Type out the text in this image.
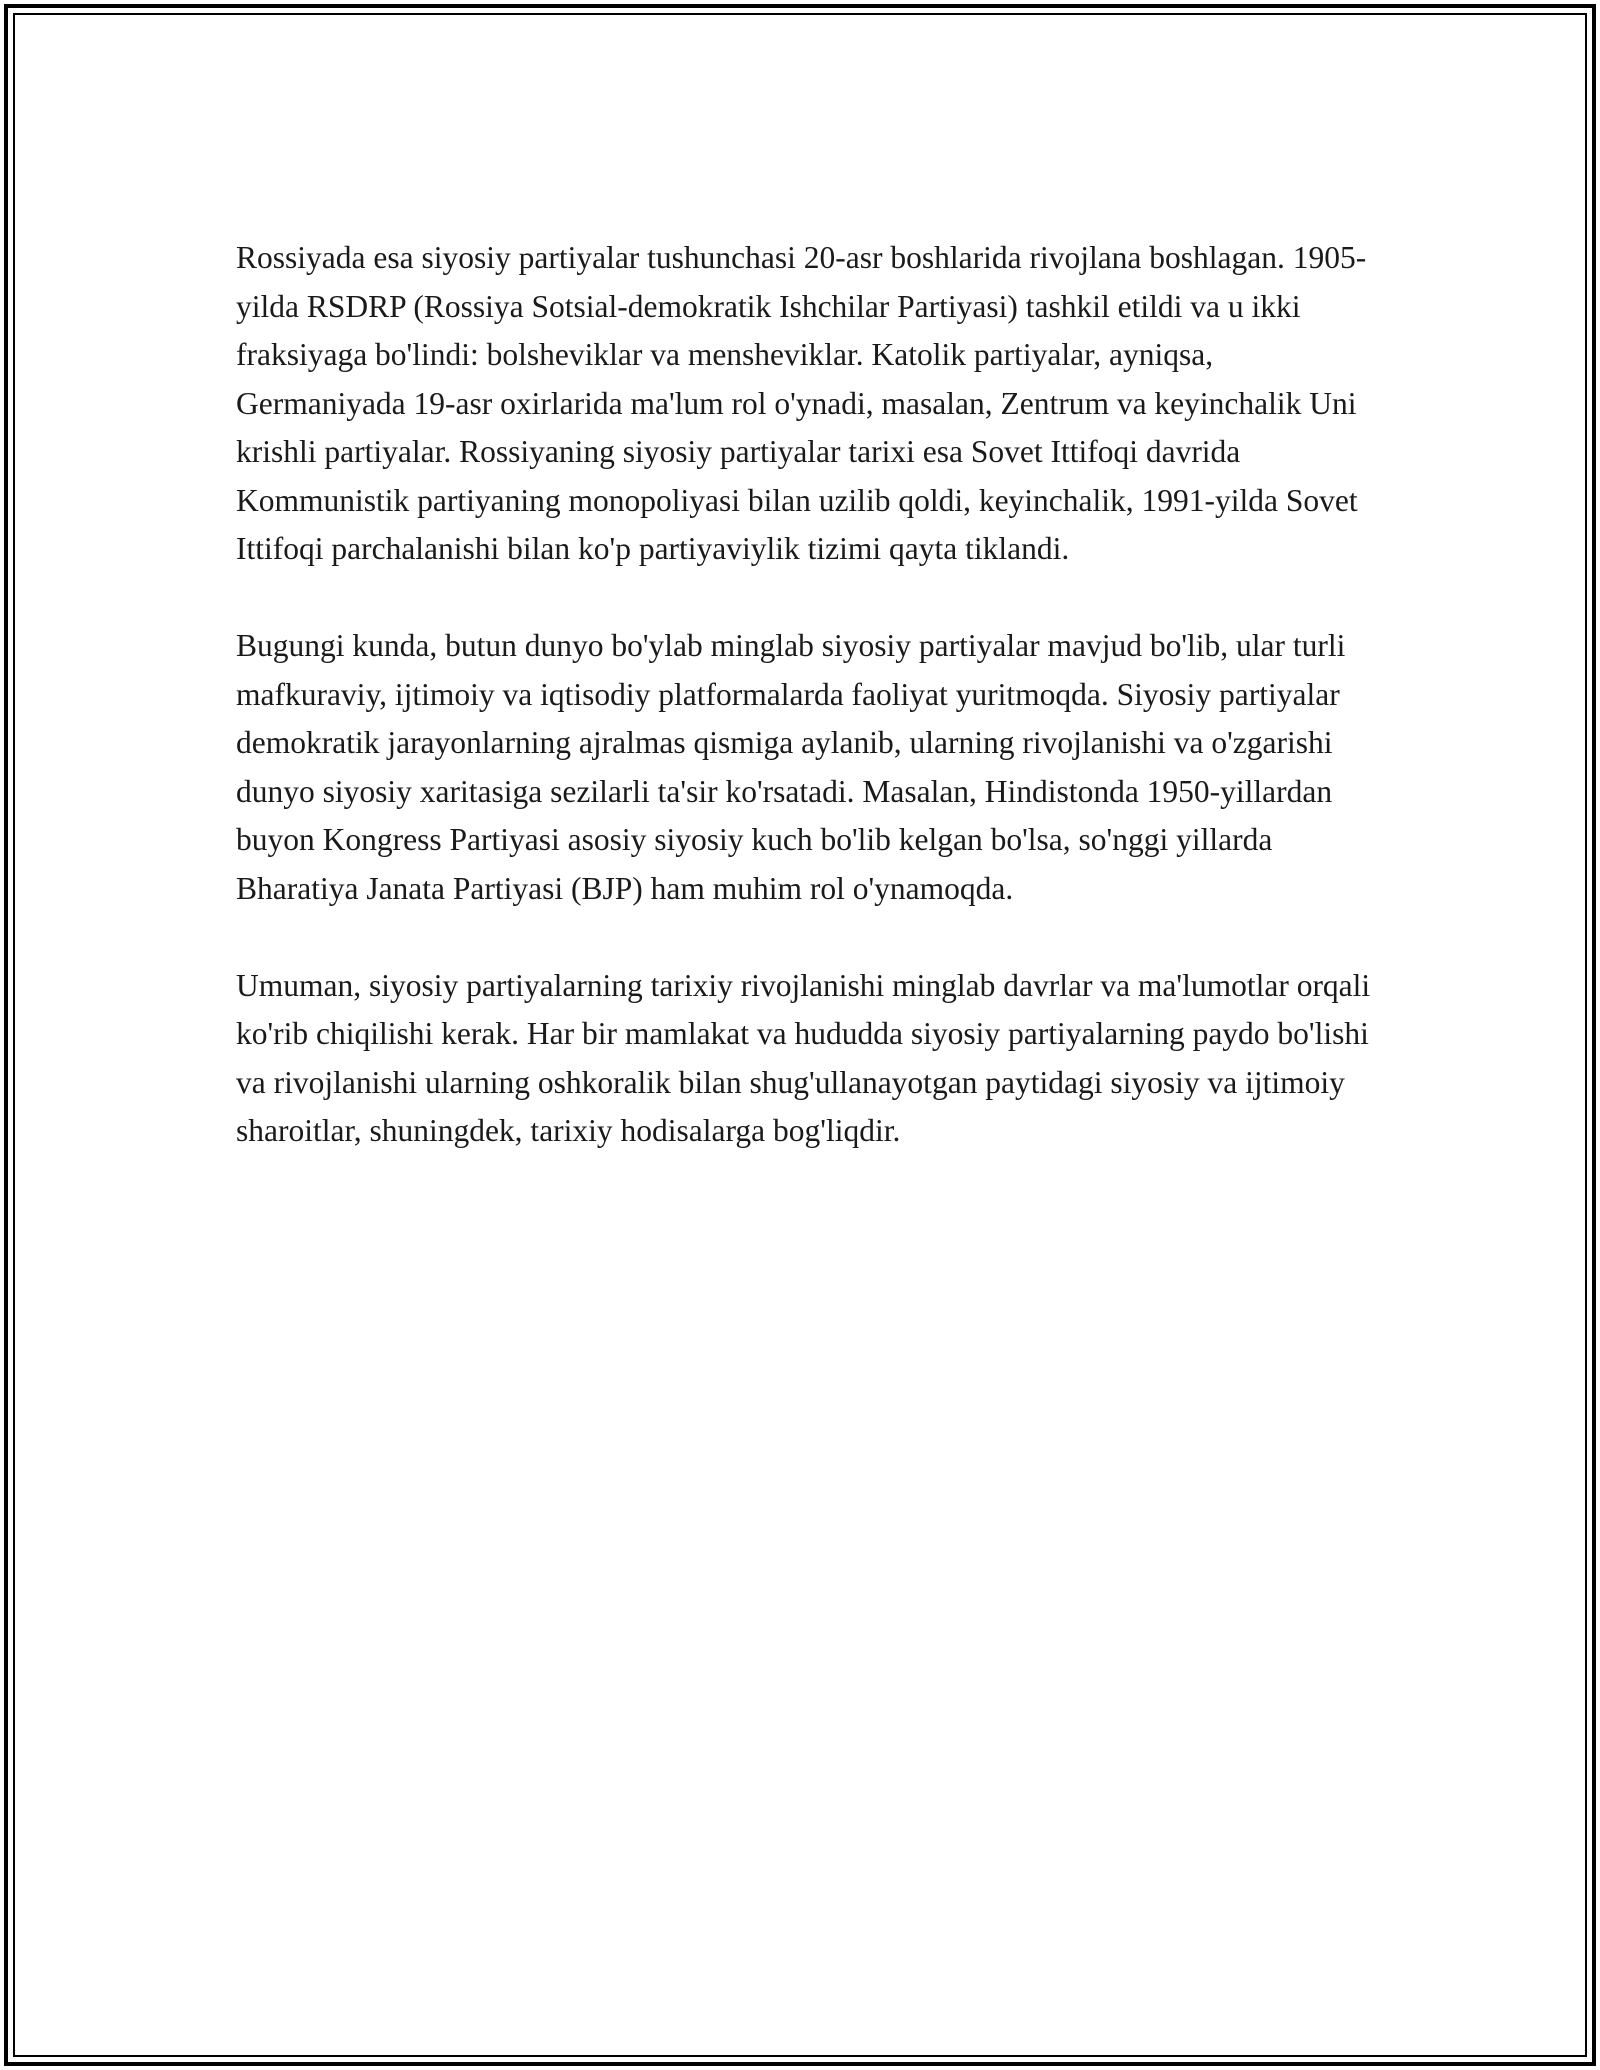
Rossiyada esa siyosiy partiyalar tushunchasi 20-asr boshlarida rivojlana boshlagan. 1905-yilda RSDRP (Rossiya Sotsial-demokratik Ishchilar Partiyasi) tashkil etildi va u ikki fraksiyaga bo'lindi: bolsheviklar va mensheviklar. Katolik partiyalar, ayniqsa, Germaniyada 19-asr oxirlarida ma'lum rol o'ynadi, masalan, Zentrum va keyinchalik Uni krishli partiyalar. Rossiyaning siyosiy partiyalar tarixi esa Sovet Ittifoqi davrida Kommunistik partiyaning monopoliyasi bilan uzilib qoldi, keyinchalik, 1991-yilda Sovet Ittifoqi parchalanishi bilan ko'p partiyaviylik tizimi qayta tiklandi.

Bugungi kunda, butun dunyo bo'ylab minglab siyosiy partiyalar mavjud bo'lib, ular turli mafkuraviy, ijtimoiy va iqtisodiy platformalarda faoliyat yuritmoqda. Siyosiy partiyalar demokratik jarayonlarning ajralmas qismiga aylanib, ularning rivojlanishi va o'zgarishi dunyo siyosiy xaritasiga sezilarli ta'sir ko'rsatadi. Masalan, Hindistonda 1950-yillardan buyon Kongress Partiyasi asosiy siyosiy kuch bo'lib kelgan bo'lsa, so'nggi yillarda Bharatiya Janata Partiyasi (BJP) ham muhim rol o'ynamoqda.

Umuman, siyosiy partiyalarning tarixiy rivojlanishi minglab davrlar va ma'lumotlar orqali ko'rib chiqilishi kerak. Har bir mamlakat va hududda siyosiy partiyalarning paydo bo'lishi va rivojlanishi ularning oshkoralik bilan shug'ullanayotgan paytidagi siyosiy va ijtimoiy sharoitlar, shuningdek, tarixiy hodisalarga bog'liqdir.
